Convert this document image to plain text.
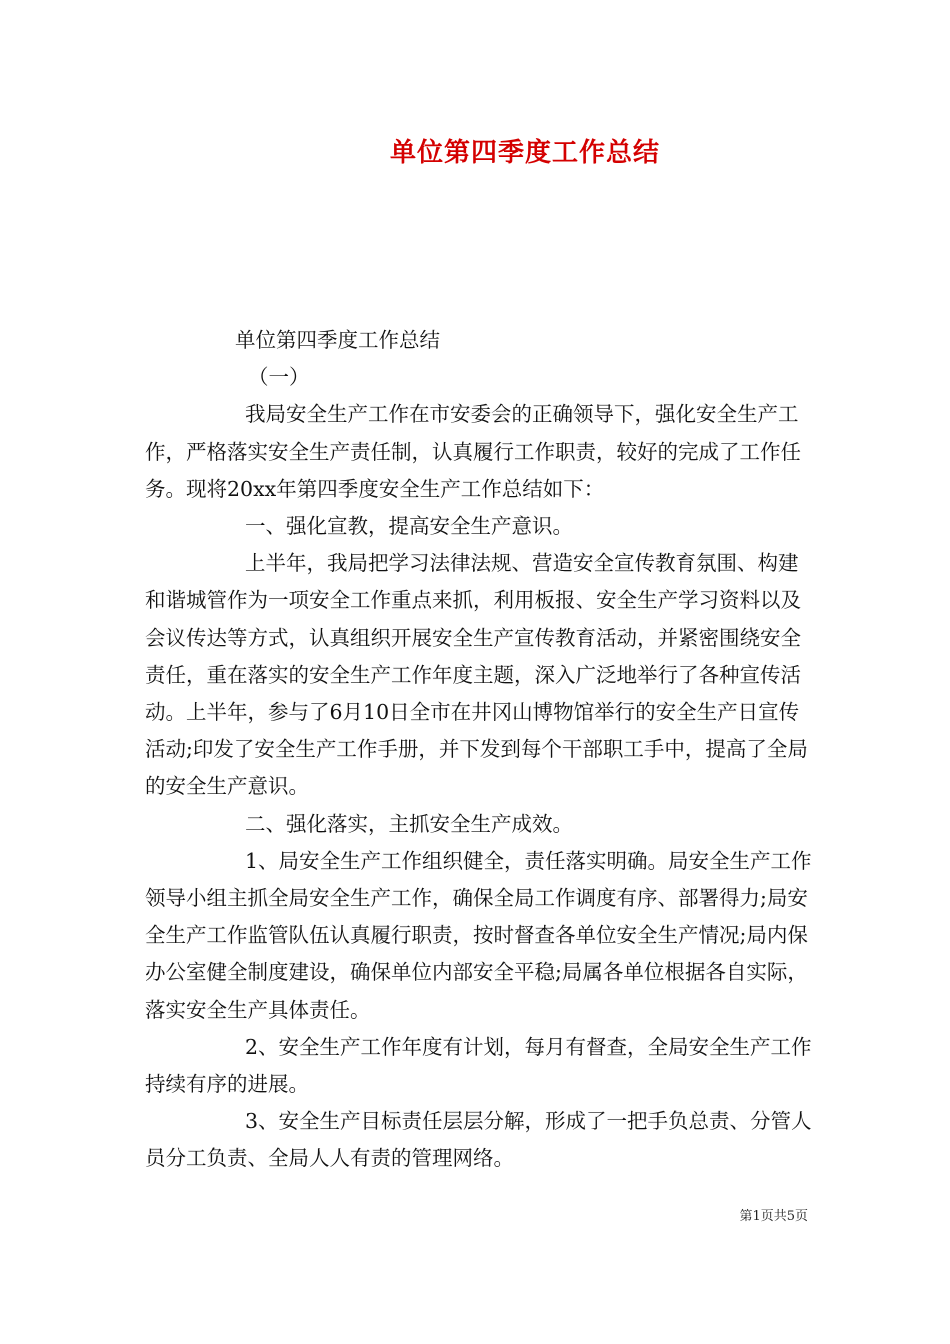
单位第四季度工作总结

单位第四季度工作总结

（一）

我局安全生产工作在市安委会的正确领导下，强化安全生产工作，严格落实安全生产责任制，认真履行工作职责，较好的完成了工作任务。现将20xx年第四季度安全生产工作总结如下：

一、强化宣教，提高安全生产意识。

上半年，我局把学习法律法规、营造安全宣传教育氛围、构建和谐城管作为一项安全工作重点来抓，利用板报、安全生产学习资料以及会议传达等方式，认真组织开展安全生产宣传教育活动，并紧密围绕安全责任，重在落实的安全生产工作年度主题，深入广泛地举行了各种宣传活动。上半年，参与了6月10日全市在井冈山博物馆举行的安全生产日宣传活动;印发了安全生产工作手册，并下发到每个干部职工手中，提高了全局的安全生产意识。

二、强化落实，主抓安全生产成效。

1、局安全生产工作组织健全，责任落实明确。局安全生产工作领导小组主抓全局安全生产工作，确保全局工作调度有序、部署得力;局安全生产工作监管队伍认真履行职责，按时督查各单位安全生产情况;局内保办公室健全制度建设，确保单位内部安全平稳;局属各单位根据各自实际，落实安全生产具体责任。

2、安全生产工作年度有计划，每月有督查，全局安全生产工作持续有序的进展。

3、安全生产目标责任层层分解，形成了一把手负总责、分管人员分工负责、全局人人有责的管理网络。

第1页共5页
